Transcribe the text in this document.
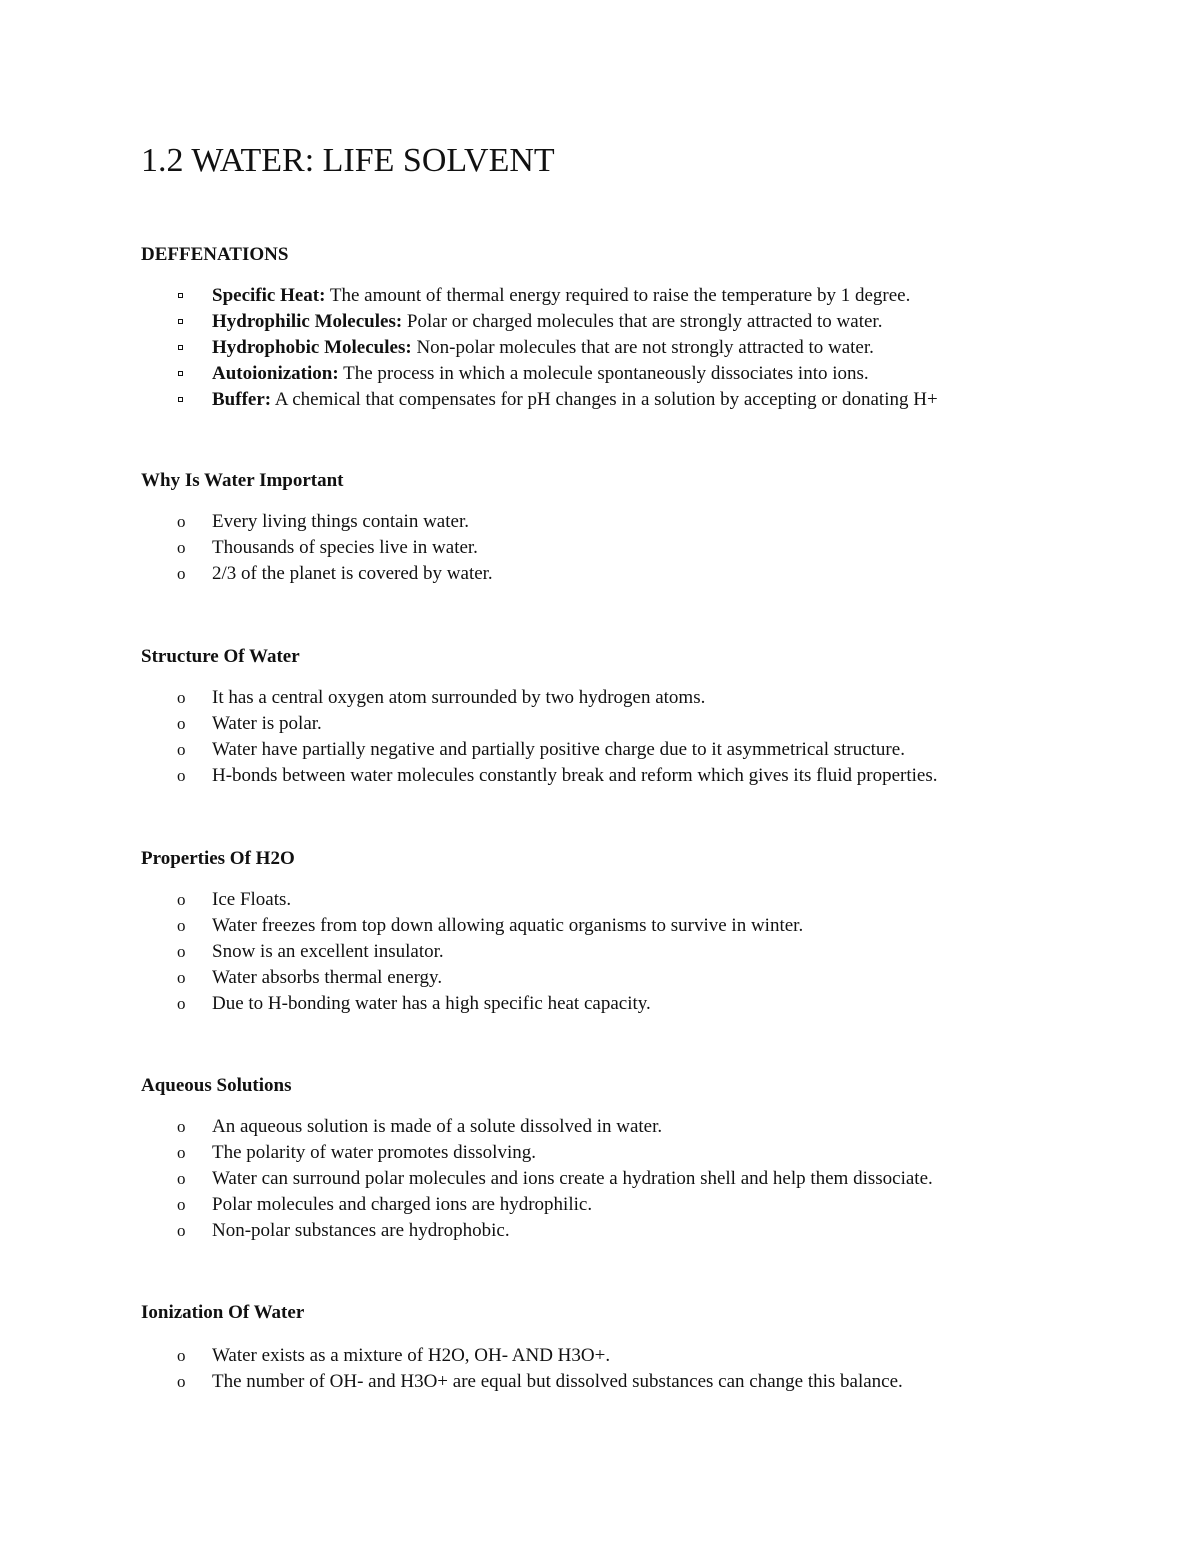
1.2 WATER: LIFE SOLVENT
DEFFENATIONS
Specific Heat: The amount of thermal energy required to raise the temperature by 1 degree.
Hydrophilic Molecules: Polar or charged molecules that are strongly attracted to water.
Hydrophobic Molecules: Non-polar molecules that are not strongly attracted to water.
Autoionization: The process in which a molecule spontaneously dissociates into ions.
Buffer: A chemical that compensates for pH changes in a solution by accepting or donating H+
Why Is Water Important
o Every living things contain water.
o Thousands of species live in water.
o 2/3 of the planet is covered by water.
Structure Of Water
o It has a central oxygen atom surrounded by two hydrogen atoms.
o Water is polar.
o Water have partially negative and partially positive charge due to it asymmetrical structure.
o H-bonds between water molecules constantly break and reform which gives its fluid properties.
Properties Of H2O
o Ice Floats.
o Water freezes from top down allowing aquatic organisms to survive in winter.
o Snow is an excellent insulator.
o Water absorbs thermal energy.
o Due to H-bonding water has a high specific heat capacity.
Aqueous Solutions
o An aqueous solution is made of a solute dissolved in water.
o The polarity of water promotes dissolving.
o Water can surround polar molecules and ions create a hydration shell and help them dissociate.
o Polar molecules and charged ions are hydrophilic.
o Non-polar substances are hydrophobic.
Ionization Of Water
o Water exists as a mixture of H2O, OH- AND H3O+.
o The number of OH- and H3O+ are equal but dissolved substances can change this balance.
